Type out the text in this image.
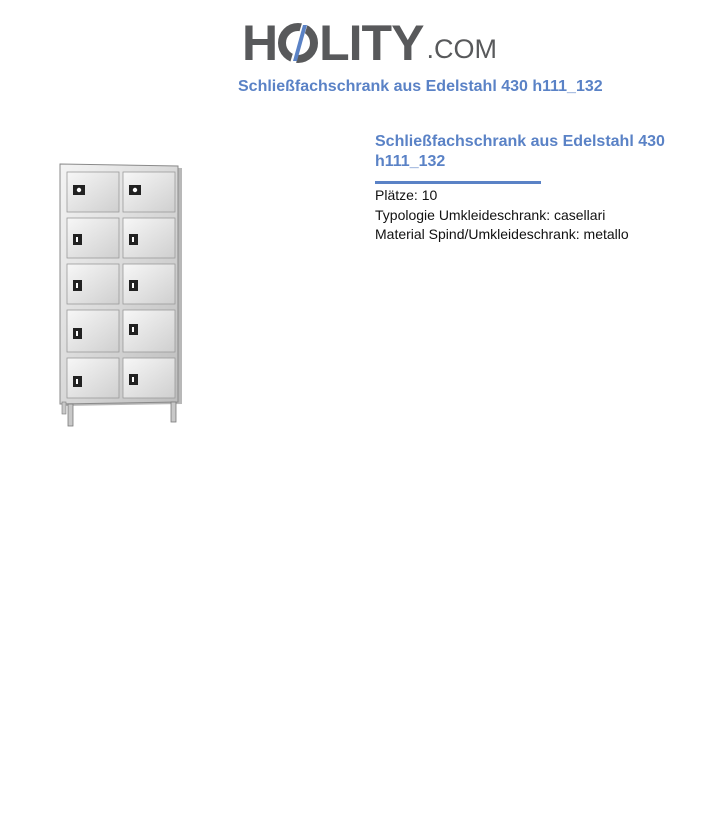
H LITY .COM
Schließfachschrank aus Edelstahl 430 h111_132
Schließfachschrank aus Edelstahl 430 h111_132
Plätze: 10
Typologie Umkleideschrank: casellari
Material Spind/Umkleideschrank: metallo
